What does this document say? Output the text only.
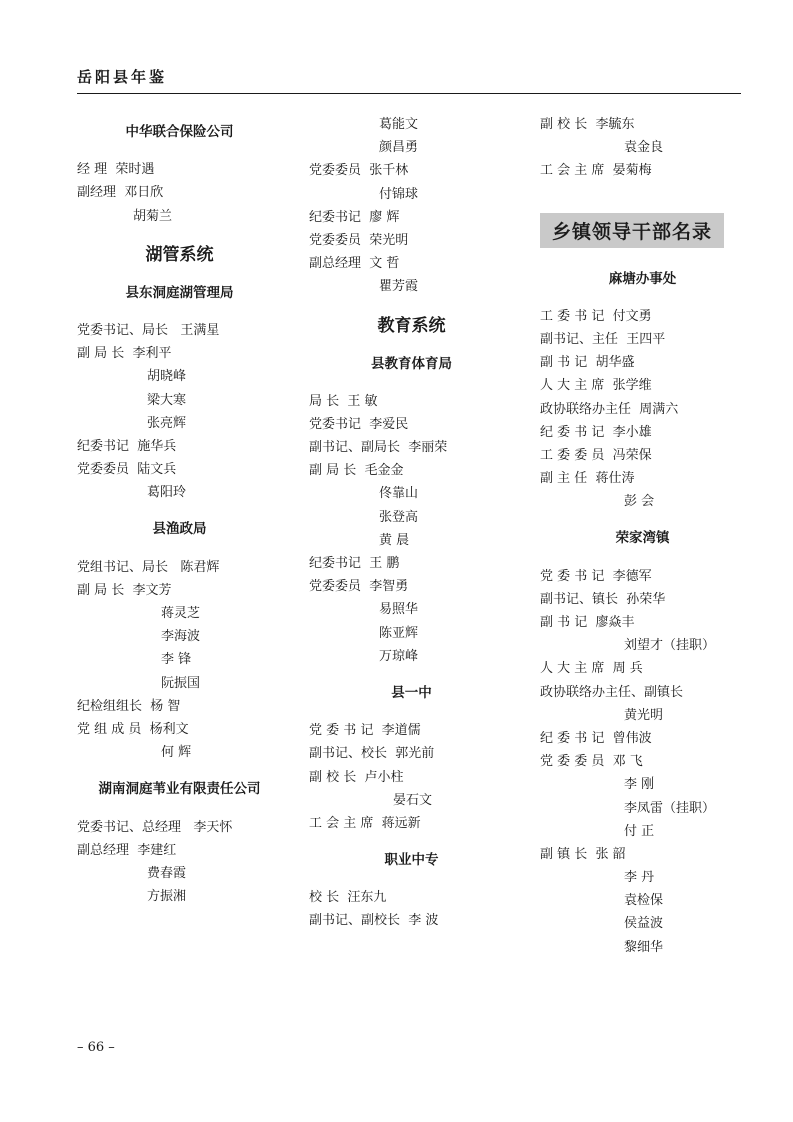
岳阳县年鉴
中华联合保险公司
经 理 荣时遇
副经理 邓日欣
胡菊兰
湖管系统
县东洞庭湖管理局
党委书记、局长 王满星
副 局 长 李利平
胡晓峰
梁大寒
张亮辉
纪委书记 施华兵
党委委员 陆文兵
葛阳玲
县渔政局
党组书记、局长 陈君辉
副 局 长 李文芳
蒋灵芝
李海波
李 锋
阮振国
纪检组组长 杨 智
党 组 成 员 杨利文
何 辉
湖南洞庭苇业有限责任公司
党委书记、总经理 李天怀
副总经理 李建红
费春霞
方振湘
葛能文
颜昌勇
党委委员 张千林
付锦球
纪委书记 廖 辉
党委委员 荣光明
副总经理 文 哲
瞿芳霞
教育系统
县教育体育局
局 长 王 敏
党委书记 李爱民
副书记、副局长 李丽荣
副 局 长 毛金金
佟靠山
张登高
黄 晨
纪委书记 王 鹏
党委委员 李智勇
易照华
陈亚辉
万琼峰
县一中
党 委 书 记 李道儒
副书记、校长 郭光前
副 校 长 卢小柱
晏石文
工 会 主 席 蒋远新
职业中专
校 长 汪东九
副书记、副校长 李 波
副 校 长 李毓东
袁金良
工 会 主 席 晏菊梅
乡镇领导干部名录
麻塘办事处
工 委 书 记 付文勇
副书记、主任 王四平
副 书 记 胡华盛
人 大 主 席 张学维
政协联络办主任 周满六
纪 委 书 记 李小雄
工 委 委 员 冯荣保
副 主 任 蒋仕涛
彭 会
荣家湾镇
党 委 书 记 李德军
副书记、镇长 孙荣华
副 书 记 廖焱丰
刘望才（挂职）
人 大 主 席 周 兵
政协联络办主任、副镇长
黄光明
纪 委 书 记 曾伟波
党 委 委 员 邓 飞
李 刚
李凤雷（挂职）
付 正
副 镇 长 张 韶
李 丹
袁检保
侯益波
黎细华
– 66 –
